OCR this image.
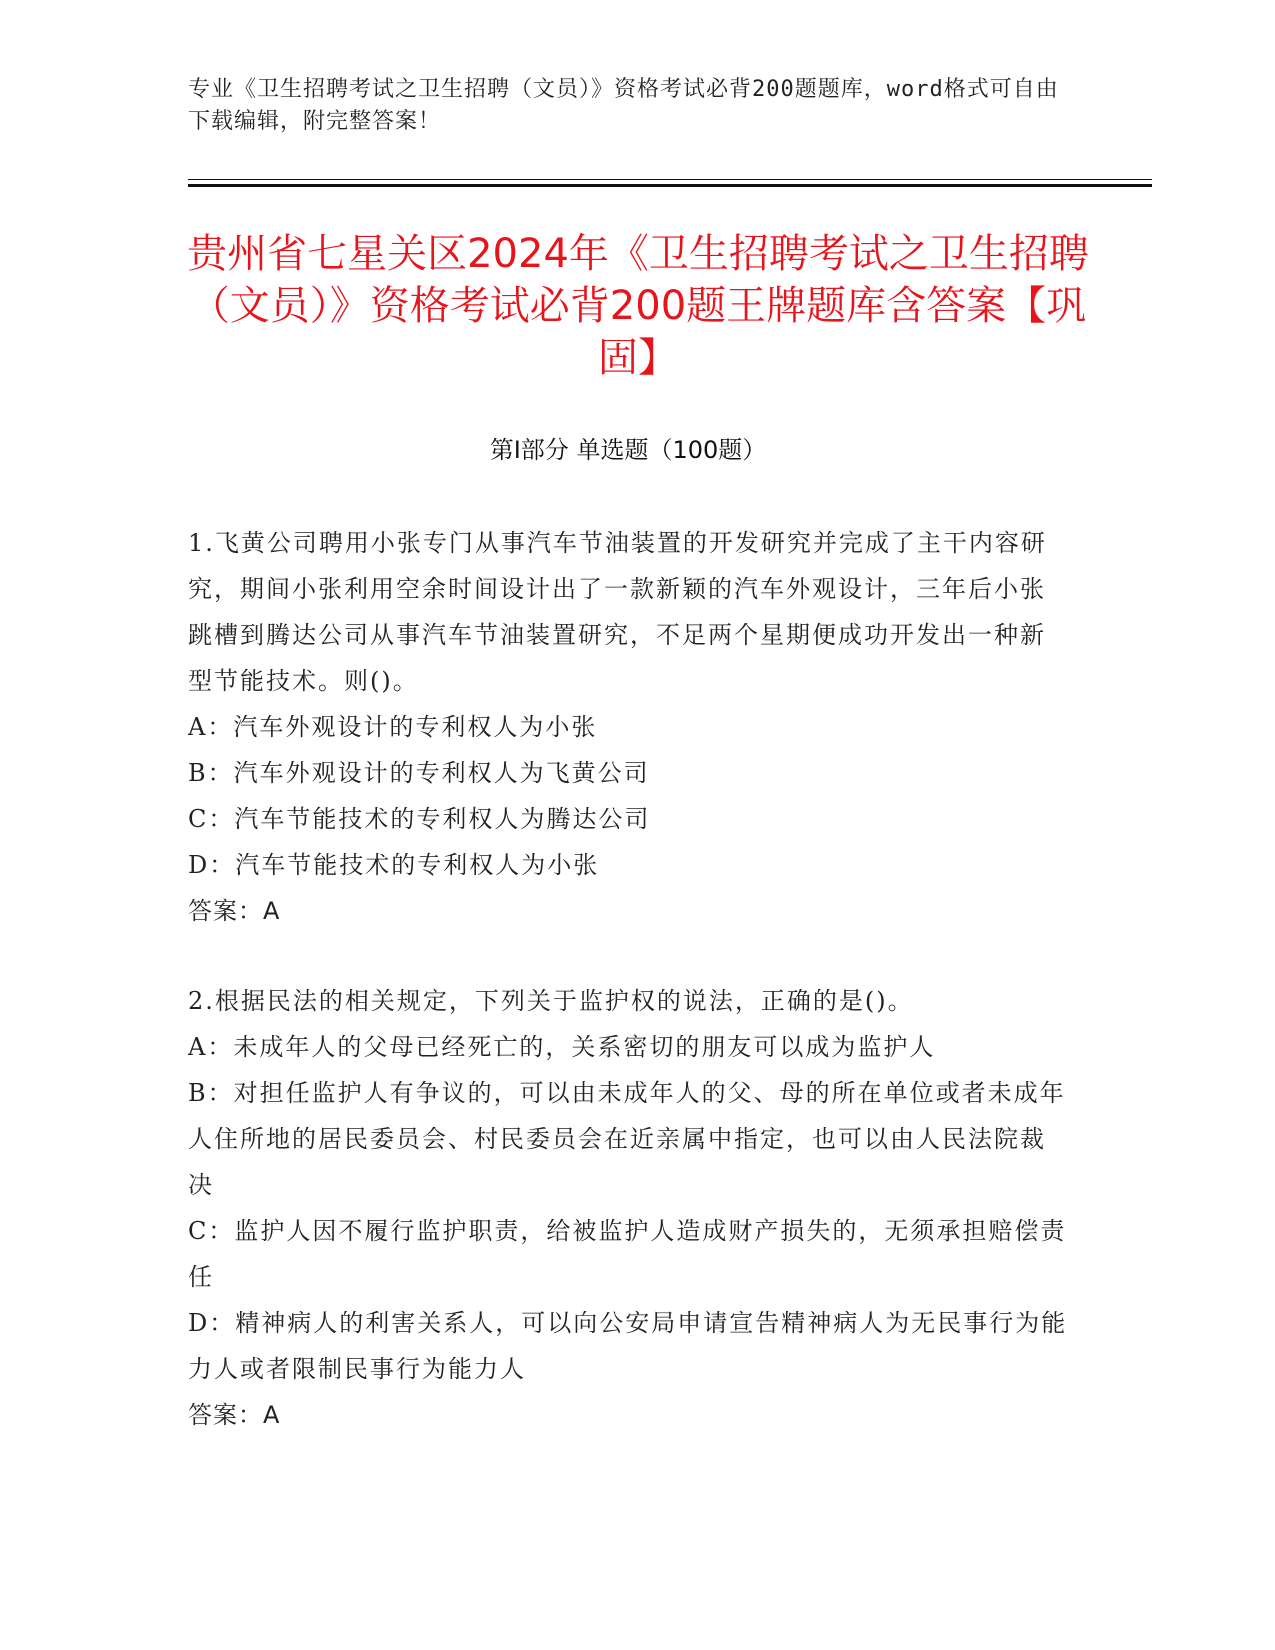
专业《卫生招聘考试之卫生招聘（文员）》资格考试必背200题题库，word格式可自由下载编辑，附完整答案！
贵州省七星关区2024年《卫生招聘考试之卫生招聘（文员）》资格考试必背200题王牌题库含答案【巩固】
第Ⅰ部分 单选题（100题）

1.飞黄公司聘用小张专门从事汽车节油装置的开发研究并完成了主干内容研究，期间小张利用空余时间设计出了一款新颖的汽车外观设计，三年后小张跳槽到腾达公司从事汽车节油装置研究，不足两个星期便成功开发出一种新型节能技术。则()。

A：汽车外观设计的专利权人为小张

B：汽车外观设计的专利权人为飞黄公司

C：汽车节能技术的专利权人为腾达公司

D：汽车节能技术的专利权人为小张

答案：A

2.根据民法的相关规定，下列关于监护权的说法，正确的是()。

A：未成年人的父母已经死亡的，关系密切的朋友可以成为监护人

B：对担任监护人有争议的，可以由未成年人的父、母的所在单位或者未成年人住所地的居民委员会、村民委员会在近亲属中指定，也可以由人民法院裁决

C：监护人因不履行监护职责，给被监护人造成财产损失的，无须承担赔偿责任

D：精神病人的利害关系人，可以向公安局申请宣告精神病人为无民事行为能力人或者限制民事行为能力人

答案：A
